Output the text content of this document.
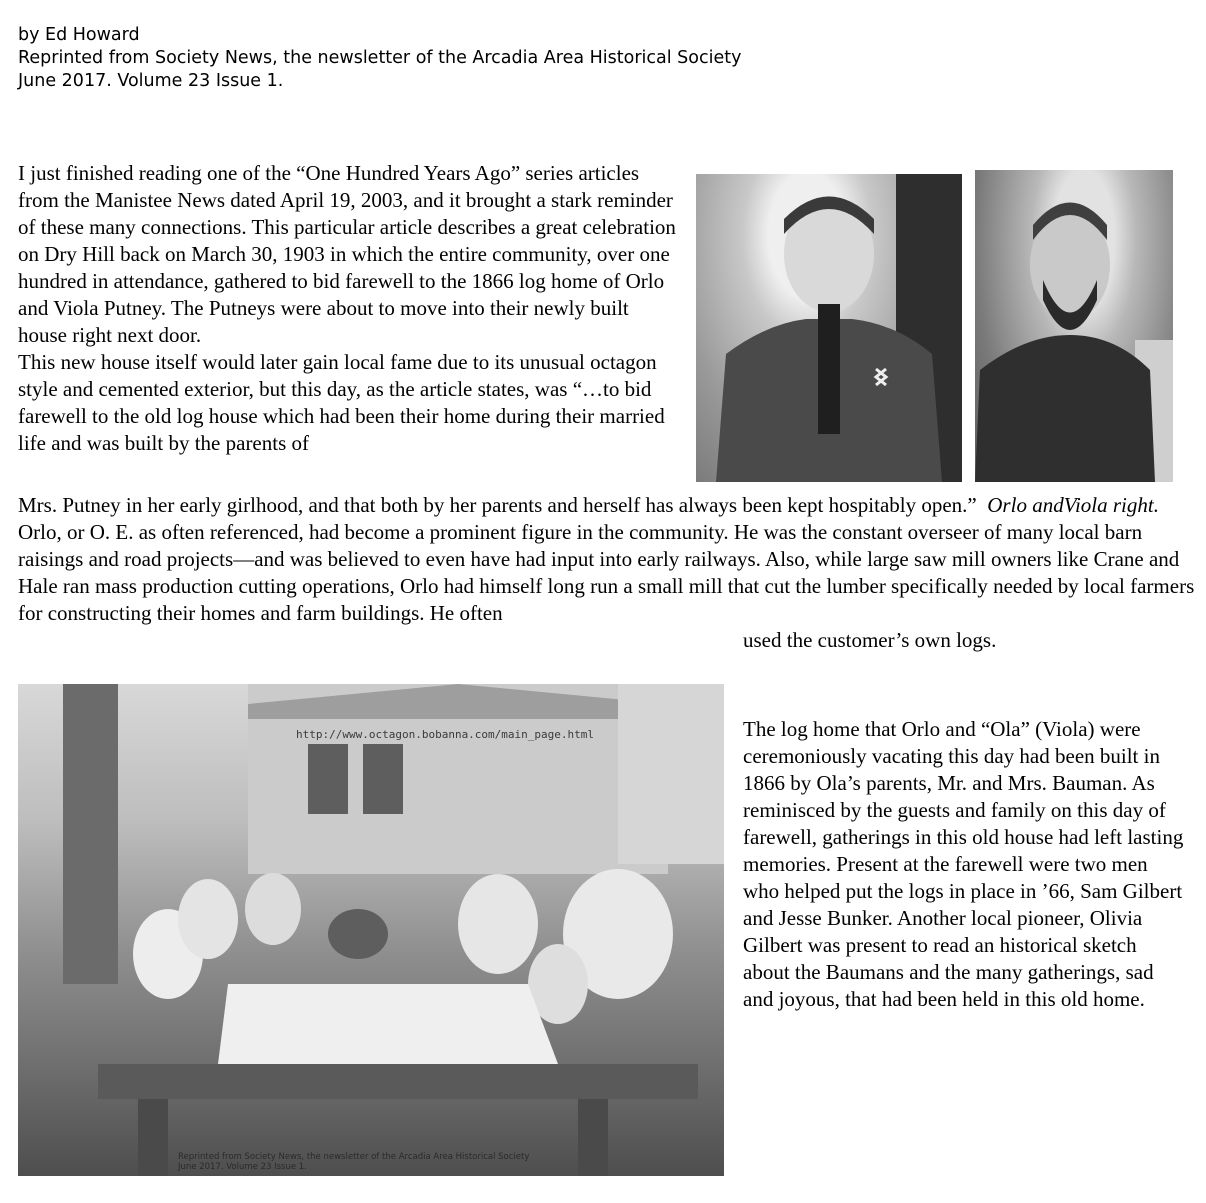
by Ed Howard
Reprinted from Society News, the newsletter of the Arcadia Area Historical Society
June 2017. Volume 23 Issue 1.

I just finished reading one of the “One Hundred Years Ago” series articles from the Manistee News dated April 19, 2003, and it brought a stark reminder of these many connections. This particular article describes a great celebration on Dry Hill back on March 30, 1903 in which the entire community, over one hundred in attendance, gathered to bid farewell to the 1866 log home of Orlo and Viola Putney. The Putneys were about to move into their newly built house right next door.

This new house itself would later gain local fame due to its unusual octagon style and cemented exterior, but this day, as the article states, was “…to bid farewell to the old log house which had been their home during their married life and was built by the parents of

Mrs. Putney in her early girlhood, and that both by her parents and herself has always been kept hospitably open.” Orlo andViola right.

Orlo, or O. E. as often referenced, had become a prominent figure in the community. He was the constant overseer of many local barn raisings and road projects—and was believed to even have had input into early railways. Also, while large saw mill owners like Crane and Hale ran mass production cutting operations, Orlo had himself long run a small mill that cut the lumber specifically needed by local farmers for constructing their homes and farm buildings. He often

used the customer’s own logs.

http://www.octagon.bobanna.com/main_page.html
Reprinted from Society News, the newsletter of the Arcadia Area Historical Society
June 2017. Volume 23 Issue 1.

The log home that Orlo and “Ola” (Viola) were ceremoniously vacating this day had been built in 1866 by Ola’s parents, Mr. and Mrs. Bauman. As reminisced by the guests and family on this day of farewell, gatherings in this old house had left lasting memories. Present at the farewell were two men who helped put the logs in place in ’66, Sam Gilbert and Jesse Bunker. Another local pioneer, Olivia Gilbert was present to read an historical sketch about the Baumans and the many gatherings, sad and joyous, that had been held in this old home.
